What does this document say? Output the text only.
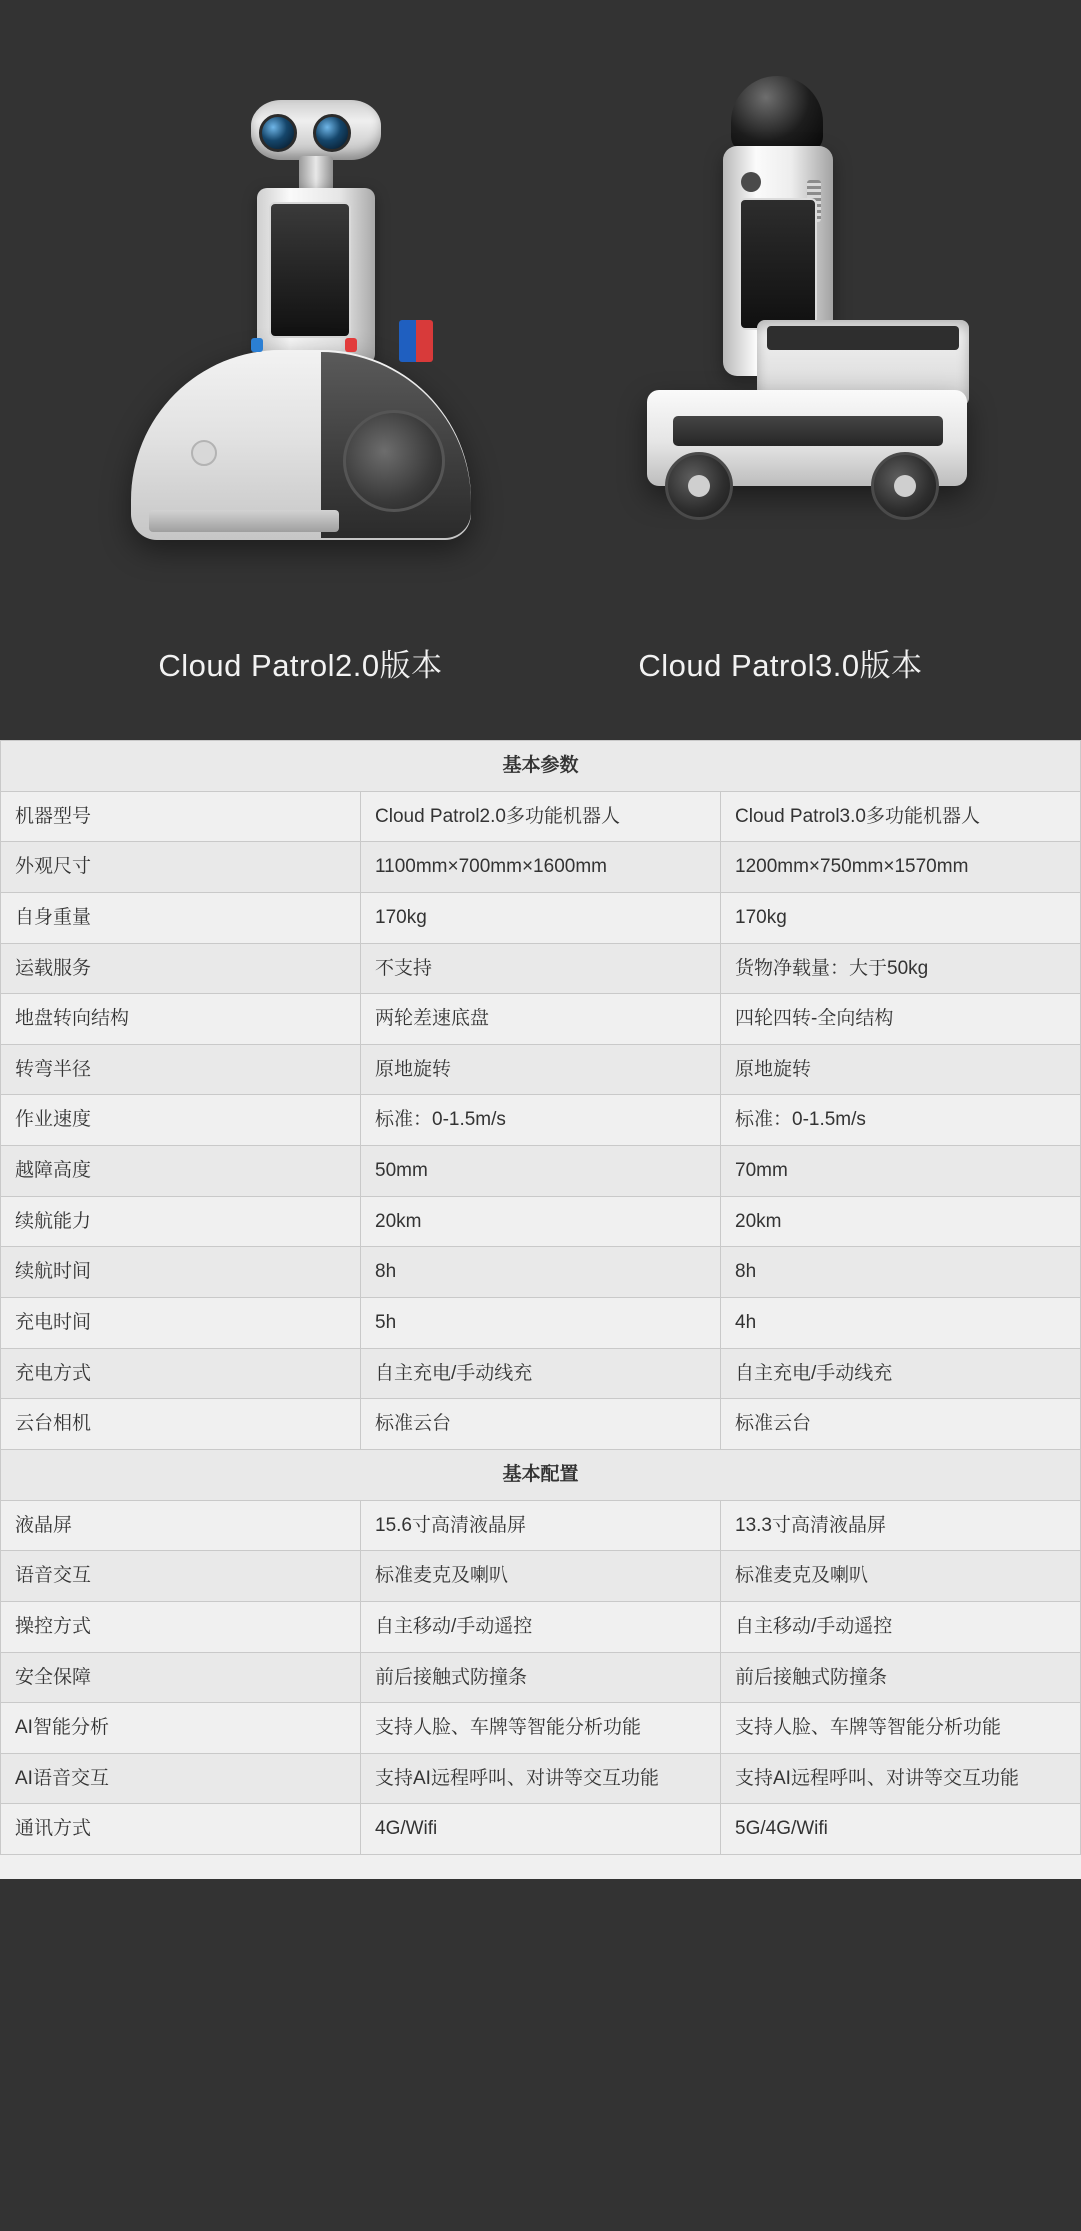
Cloud Patrol2.0版本	Cloud Patrol3.0版本
基本参数		
机器型号	Cloud Patrol2.0多功能机器人	Cloud Patrol3.0多功能机器人
外观尺寸	1100mm×700mm×1600mm	1200mm×750mm×1570mm
自身重量	170kg	170kg
运载服务	不支持	货物净载量：大于50kg
地盘转向结构	两轮差速底盘	四轮四转-全向结构
转弯半径	原地旋转	原地旋转
作业速度	标准：0-1.5m/s	标准：0-1.5m/s
越障高度	50mm	70mm
续航能力	20km	20km
续航时间	8h	8h
充电时间	5h	4h
充电方式	自主充电/手动线充	自主充电/手动线充
云台相机	标准云台	标准云台
基本配置		
液晶屏	15.6寸高清液晶屏	13.3寸高清液晶屏
语音交互	标准麦克及喇叭	标准麦克及喇叭
操控方式	自主移动/手动遥控	自主移动/手动遥控
安全保障	前后接触式防撞条	前后接触式防撞条
AI智能分析	支持人脸、车牌等智能分析功能	支持人脸、车牌等智能分析功能
AI语音交互	支持AI远程呼叫、对讲等交互功能	支持AI远程呼叫、对讲等交互功能
通讯方式	4G/Wifi	5G/4G/Wifi
